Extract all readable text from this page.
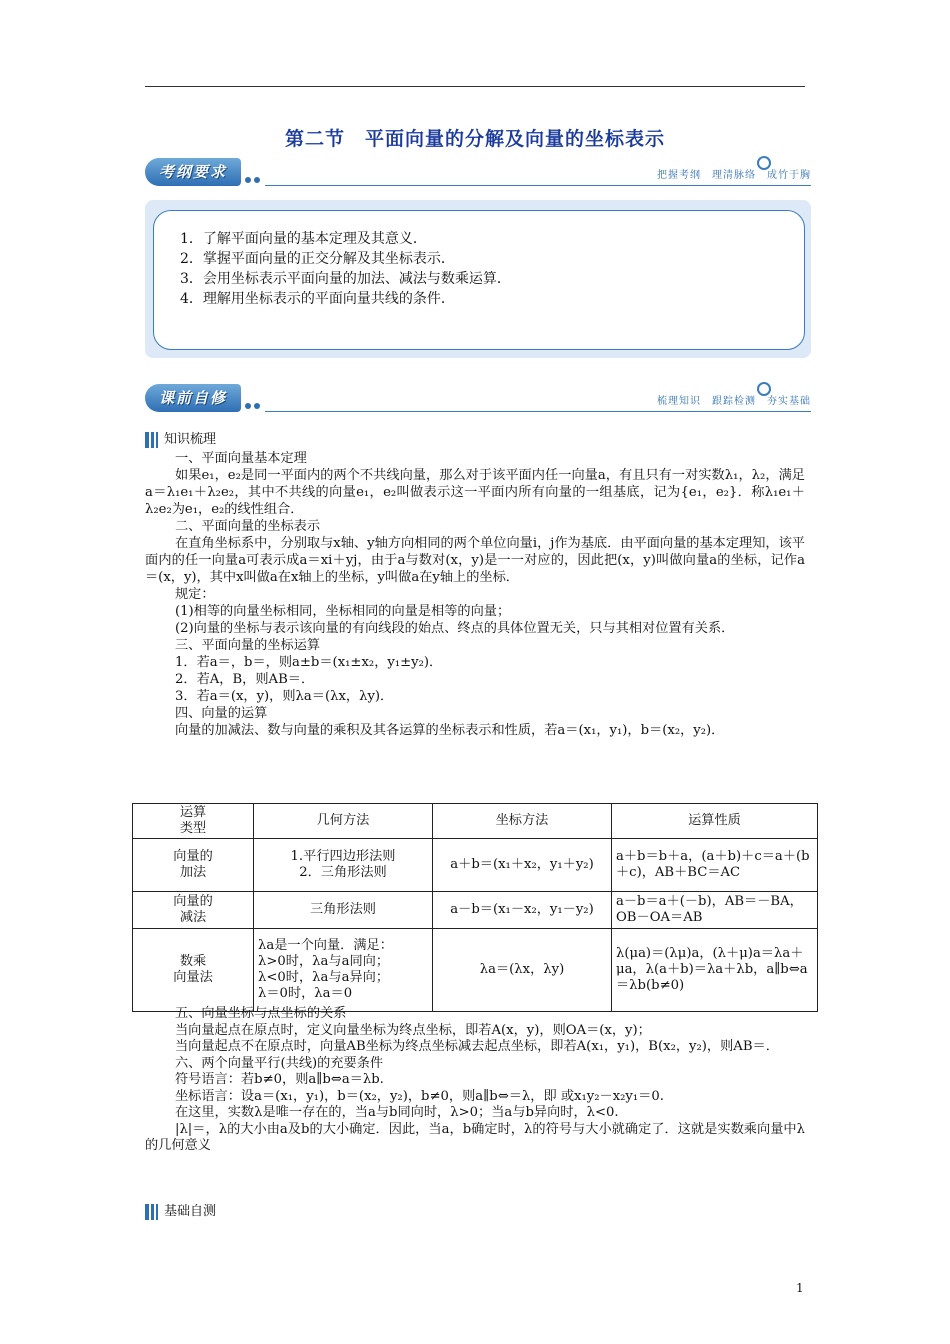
第二节　平面向量的分解及向量的坐标表示
考纲要求	把握考纲　理清脉络　成竹于胸
1．了解平面向量的基本定理及其意义．
2．掌握平面向量的正交分解及其坐标表示．
3．会用坐标表示平面向量的加法、减法与数乘运算．
4．理解用坐标表示的平面向量共线的条件．
课前自修	梳理知识　跟踪检测　夯实基础
知识梳理

一、平面向量基本定理

如果e₁，e₂是同一平面内的两个不共线向量，那么对于该平面内任一向量a，有且只有一对实数λ₁，λ₂，满足a＝λ₁e₁＋λ₂e₂，其中不共线的向量e₁，e₂叫做表示这一平面内所有向量的一组基底，记为{e₁，e₂}．称λ₁e₁＋λ₂e₂为e₁，e₂的线性组合．

二、平面向量的坐标表示

在直角坐标系中，分别取与x轴、y轴方向相同的两个单位向量i，j作为基底．由平面向量的基本定理知，该平面内的任一向量a可表示成a＝xi＋yj，由于a与数对(x，y)是一一对应的，因此把(x，y)叫做向量a的坐标，记作a＝(x，y)，其中x叫做a在x轴上的坐标，y叫做a在y轴上的坐标．

规定：

(1)相等的向量坐标相同，坐标相同的向量是相等的向量；

(2)向量的坐标与表示该向量的有向线段的始点、终点的具体位置无关，只与其相对位置有关系．

三、平面向量的坐标运算

1．若a＝，b＝，则a±b＝(x₁±x₂，y₁±y₂)．

2．若A，B，则AB＝．

3．若a＝(x，y)，则λa＝(λx，λy)．

四、向量的运算

向量的加减法、数与向量的乘积及其各运算的坐标表示和性质，若a＝(x₁，y₁)，b＝(x₂，y₂)．

运算
类型	几何方法	坐标方法	运算性质
向量的
加法	1.平行四边形法则
2．三角形法则	a＋b＝(x₁＋x₂，y₁＋y₂)	a＋b＝b＋a，(a＋b)＋c＝a＋(b＋c)，AB＋BC＝AC
向量的
减法	三角形法则	a－b＝(x₁－x₂，y₁－y₂)	a－b＝a＋(－b)，AB＝－BA，OB－OA＝AB
数乘
向量法	λa是一个向量．满足：
λ>0时，λa与a同向；
λ<0时，λa与a异向；
λ＝0时，λa＝0	λa＝(λx，λy)	λ(μa)＝(λμ)a，(λ＋μ)a＝λa＋μa，λ(a＋b)＝λa＋λb，a∥b⇔a＝λb(b≠0)

五、向量坐标与点坐标的关系

当向量起点在原点时，定义向量坐标为终点坐标，即若A(x，y)，则OA＝(x，y)；

当向量起点不在原点时，向量AB坐标为终点坐标减去起点坐标，即若A(x₁，y₁)，B(x₂，y₂)，则AB＝．

六、两个向量平行(共线)的充要条件

符号语言：若b≠0，则a∥b⇔a＝λb.

坐标语言：设a＝(x₁，y₁)，b＝(x₂，y₂)，b≠0，则a∥b⇔＝λ，即 或x₁y₂－x₂y₁＝0.

在这里，实数λ是唯一存在的，当a与b同向时，λ>0；当a与b异向时，λ<0.

|λ|＝，λ的大小由a及b的大小确定．因此，当a，b确定时，λ的符号与大小就确定了．这就是实数乘向量中λ的几何意义

基础自测
1
